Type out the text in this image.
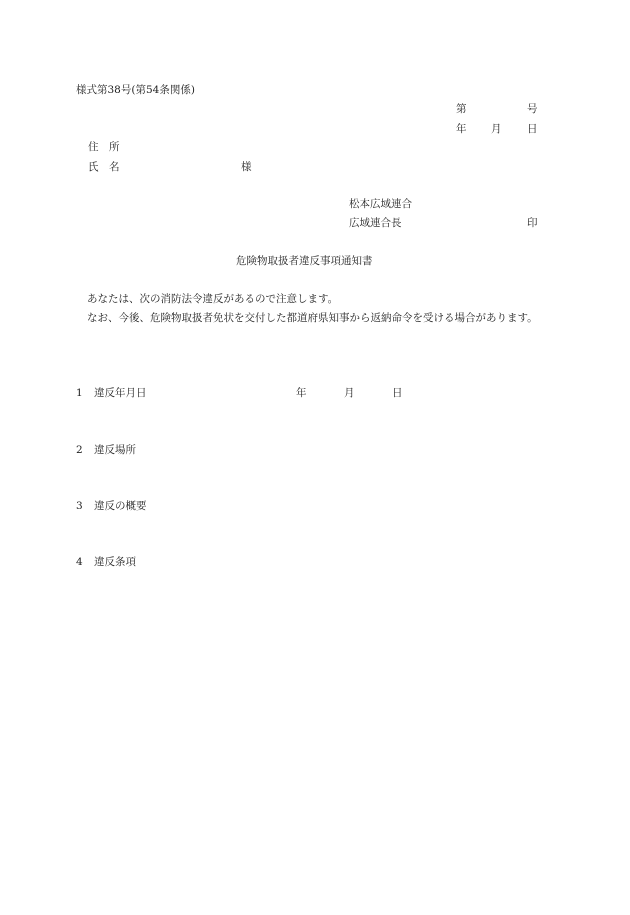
様式第38号(第54条関係)
第	号
年 月 日
住　所
氏　名	様
松本広域連合
広域連合長	印
危険物取扱者違反事項通知書
あなたは、次の消防法令違反があるので注意します。
なお、今後、危険物取扱者免状を交付した都道府県知事から返納命令を受ける場合があります。
1 違反年月日	年	月	日
2 違反場所
3 違反の概要
4 違反条項
